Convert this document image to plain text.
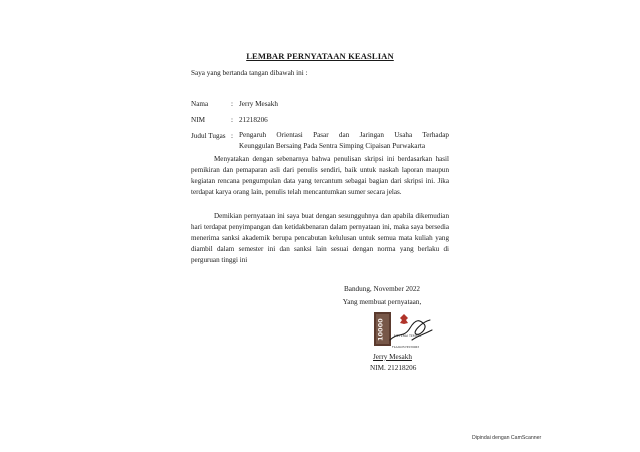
LEMBAR PERNYATAAN KEASLIAN
Saya yang bertanda tangan dibawah ini :
Nama	: Jerry Mesakh
NIM	: 21218206
Judul Tugas : Pengaruh Orientasi Pasar dan Jaringan Usaha Terhadap
Keunggulan Bersaing Pada Sentra Simping Cipaisan Purwakarta
Menyatakan dengan sebenarnya bahwa penulisan skripsi ini berdasarkan hasil pemikiran dan pemaparan asli dari penulis sendiri, baik untuk naskah laporan maupun kegiatan rencana pengumpulan data yang tercantum sebagai bagian dari skripsi ini. Jika terdapat karya orang lain, penulis telah mencantumkan sumer secara jelas.
Demikian pernyataan ini saya buat dengan sesungguhnya dan apabila dikemudian hari terdapat penyimpangan dan ketidakbenaran dalam pernyataan ini, maka saya bersedia menerima sanksi akademik berupa pencabutan kelulusan untuk semua mata kuliah yang diambil dalam semester ini dan sanksi lain sesuai dengan norma yang berlaku di perguruan tinggi ini
Bandung, November 2022
Yang membuat pernyataan,
10000	METERAI TEMPEL
F1AAKX574539063
Jerry Mesakh
NIM. 21218206
Dipindai dengan CamScanner
